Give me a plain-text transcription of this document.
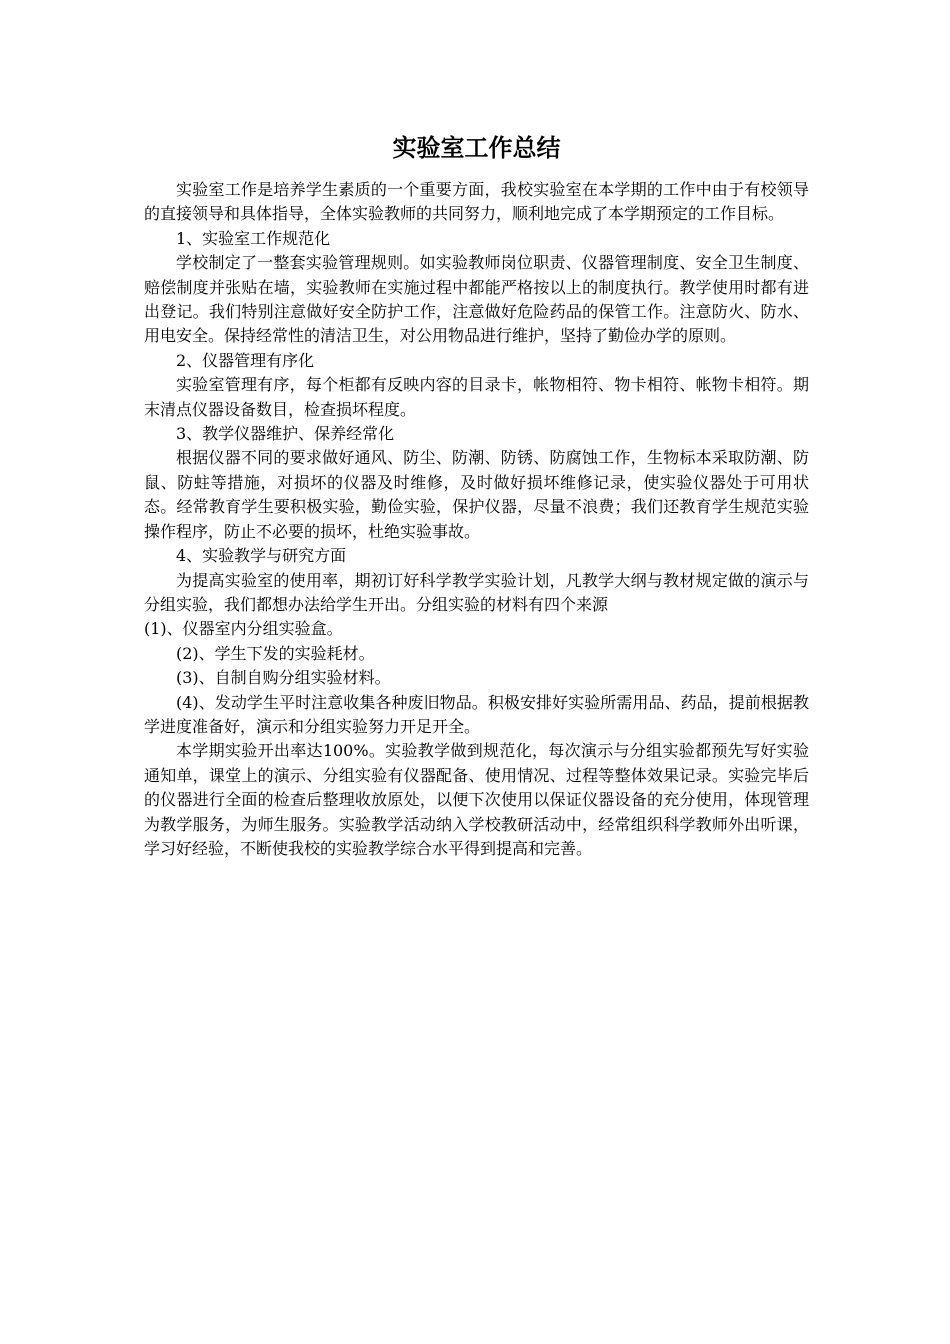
实验室工作总结

实验室工作是培养学生素质的一个重要方面，我校实验室在本学期的工作中由于有校领导的直接领导和具体指导，全体实验教师的共同努力，顺利地完成了本学期预定的工作目标。

1、实验室工作规范化

学校制定了一整套实验管理规则。如实验教师岗位职责、仪器管理制度、安全卫生制度、赔偿制度并张贴在墙，实验教师在实施过程中都能严格按以上的制度执行。教学使用时都有进出登记。我们特别注意做好安全防护工作，注意做好危险药品的保管工作。注意防火、防水、用电安全。保持经常性的清洁卫生，对公用物品进行维护，坚持了勤俭办学的原则。

2、仪器管理有序化

实验室管理有序，每个柜都有反映内容的目录卡，帐物相符、物卡相符、帐物卡相符。期末清点仪器设备数目，检查损坏程度。

3、教学仪器维护、保养经常化

根据仪器不同的要求做好通风、防尘、防潮、防锈、防腐蚀工作，生物标本采取防潮、防鼠、防蛀等措施，对损坏的仪器及时维修，及时做好损坏维修记录，使实验仪器处于可用状态。经常教育学生要积极实验，勤俭实验，保护仪器，尽量不浪费；我们还教育学生规范实验操作程序，防止不必要的损坏，杜绝实验事故。

4、实验教学与研究方面

为提高实验室的使用率，期初订好科学教学实验计划，凡教学大纲与教材规定做的演示与分组实验，我们都想办法给学生开出。分组实验的材料有四个来源

(1)、仪器室内分组实验盒。

(2)、学生下发的实验耗材。

(3)、自制自购分组实验材料。

(4)、发动学生平时注意收集各种废旧物品。积极安排好实验所需用品、药品，提前根据教学进度准备好，演示和分组实验努力开足开全。

本学期实验开出率达100%。实验教学做到规范化，每次演示与分组实验都预先写好实验通知单，课堂上的演示、分组实验有仪器配备、使用情况、过程等整体效果记录。实验完毕后的仪器进行全面的检查后整理收放原处，以便下次使用以保证仪器设备的充分使用，体现管理为教学服务，为师生服务。实验教学活动纳入学校教研活动中，经常组织科学教师外出听课，学习好经验，不断使我校的实验教学综合水平得到提高和完善。
